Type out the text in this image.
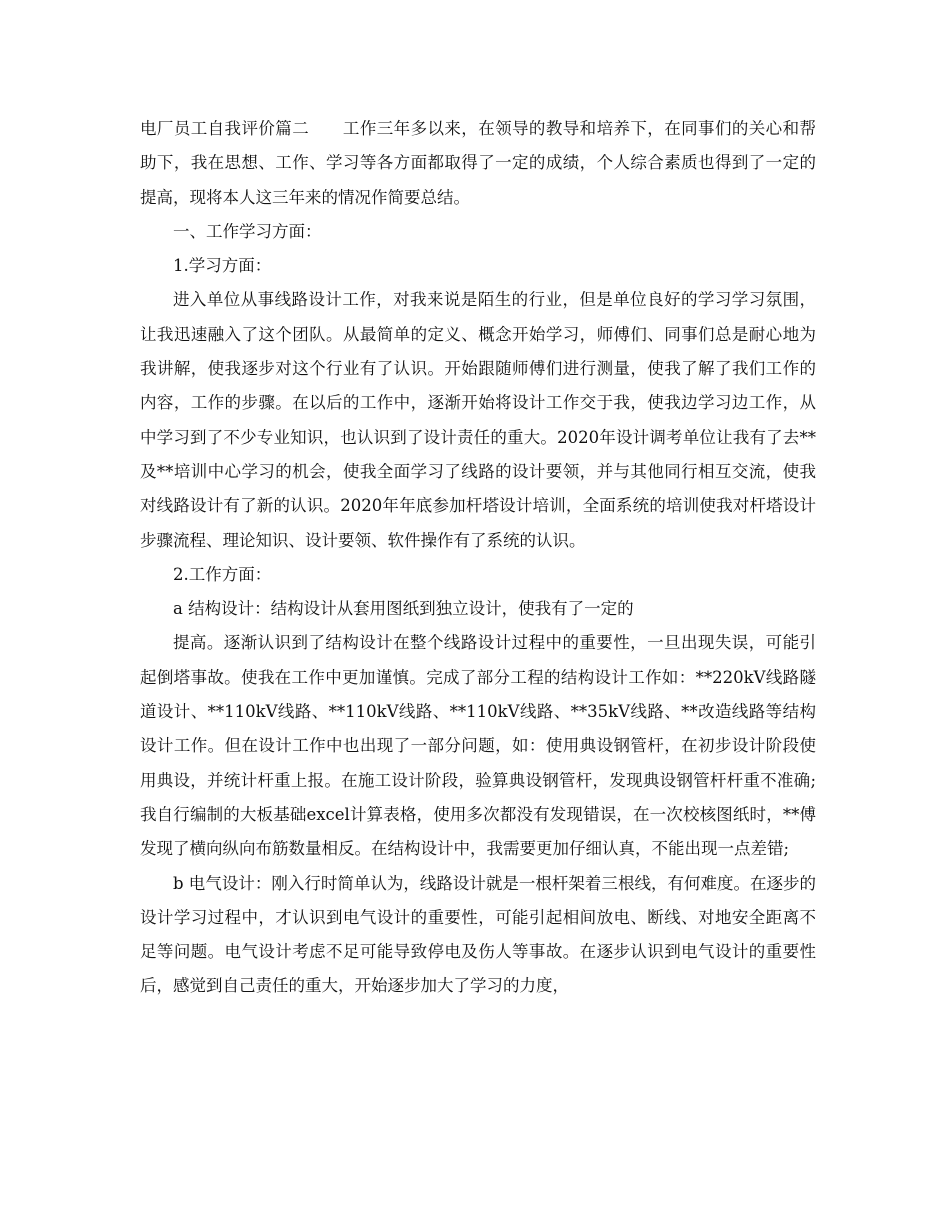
电厂员工自我评价篇二　　工作三年多以来，在领导的教导和培养下，在同事们的关心和帮助下，我在思想、工作、学习等各方面都取得了一定的成绩，个人综合素质也得到了一定的提高，现将本人这三年来的情况作简要总结。

一、工作学习方面：

1.学习方面：

进入单位从事线路设计工作，对我来说是陌生的行业，但是单位良好的学习学习氛围，让我迅速融入了这个团队。从最简单的定义、概念开始学习，师傅们、同事们总是耐心地为我讲解，使我逐步对这个行业有了认识。开始跟随师傅们进行测量，使我了解了我们工作的内容，工作的步骤。在以后的工作中，逐渐开始将设计工作交于我，使我边学习边工作，从中学习到了不少专业知识，也认识到了设计责任的重大。2020年设计调考单位让我有了去**及**培训中心学习的机会，使我全面学习了线路的设计要领，并与其他同行相互交流，使我对线路设计有了新的认识。2020年年底参加杆塔设计培训，全面系统的培训使我对杆塔设计步骤流程、理论知识、设计要领、软件操作有了系统的认识。

2.工作方面：

a 结构设计：结构设计从套用图纸到独立设计，使我有了一定的

提高。逐渐认识到了结构设计在整个线路设计过程中的重要性，一旦出现失误，可能引起倒塔事故。使我在工作中更加谨慎。完成了部分工程的结构设计工作如：**220kV线路隧道设计、**110kV线路、**110kV线路、**110kV线路、**35kV线路、**改造线路等结构设计工作。但在设计工作中也出现了一部分问题，如：使用典设钢管杆，在初步设计阶段使用典设，并统计杆重上报。在施工设计阶段，验算典设钢管杆，发现典设钢管杆杆重不准确;我自行编制的大板基础excel计算表格，使用多次都没有发现错误，在一次校核图纸时，**傅发现了横向纵向布筋数量相反。在结构设计中，我需要更加仔细认真，不能出现一点差错;

b 电气设计：刚入行时简单认为，线路设计就是一根杆架着三根线，有何难度。在逐步的设计学习过程中，才认识到电气设计的重要性，可能引起相间放电、断线、对地安全距离不足等问题。电气设计考虑不足可能导致停电及伤人等事故。在逐步认识到电气设计的重要性后，感觉到自己责任的重大，开始逐步加大了学习的力度，
